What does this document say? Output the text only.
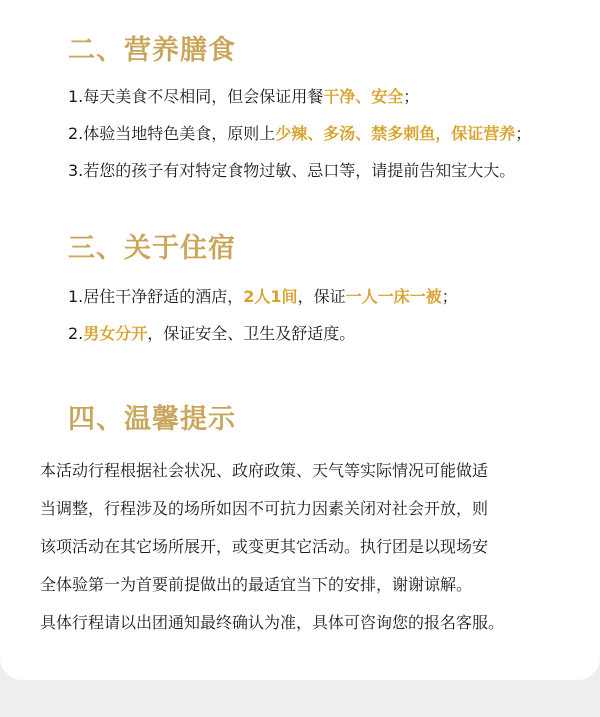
二、营养膳食
1.每天美食不尽相同，但会保证用餐干净、安全；
2.体验当地特色美食，原则上少辣、多汤、禁多刺鱼，保证营养；
3.若您的孩子有对特定食物过敏、忌口等，请提前告知宝大大。
三、关于住宿
1.居住干净舒适的酒店，2人1间，保证一人一床一被；
2.男女分开，保证安全、卫生及舒适度。
四、温馨提示
本活动行程根据社会状况、政府政策、天气等实际情况可能做适
当调整，行程涉及的场所如因不可抗力因素关闭对社会开放，则
该项活动在其它场所展开，或变更其它活动。执行团是以现场安
全体验第一为首要前提做出的最适宜当下的安排，谢谢谅解。
具体行程请以出团通知最终确认为准，具体可咨询您的报名客服。
